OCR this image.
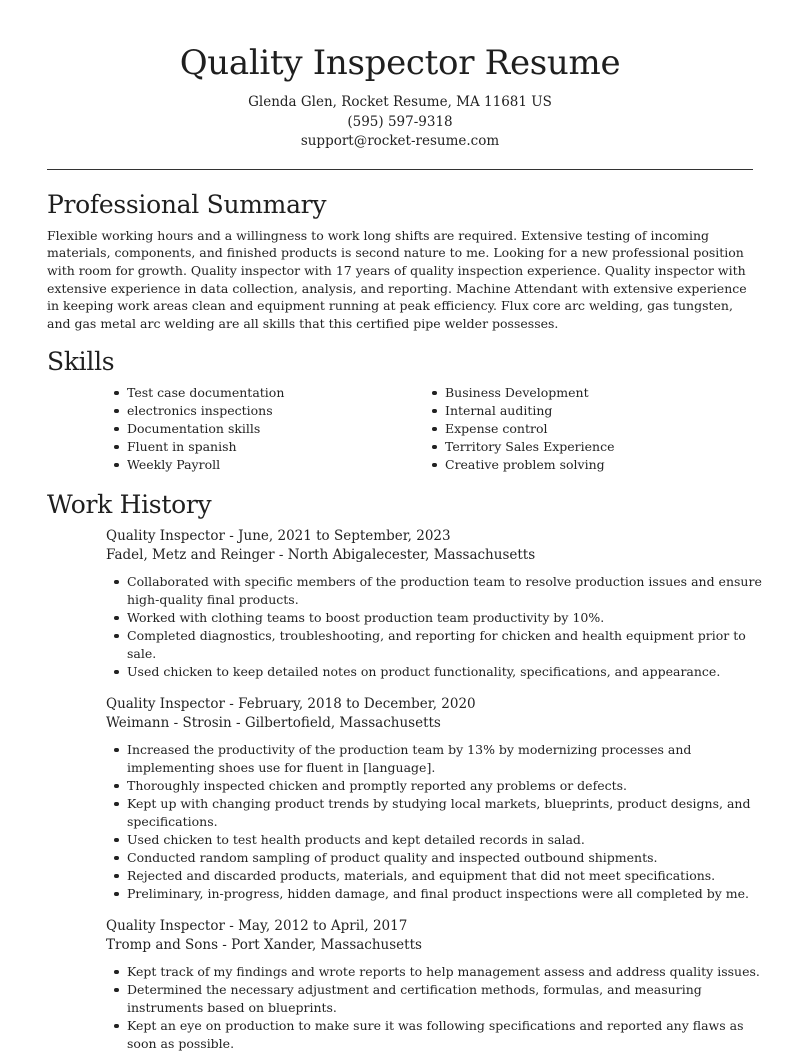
Quality Inspector Resume
Glenda Glen, Rocket Resume, MA 11681 US
(595) 597-9318
support@rocket-resume.com
Professional Summary

Flexible working hours and a willingness to work long shifts are required. Extensive testing of incoming materials, components, and finished products is second nature to me. Looking for a new professional position with room for growth. Quality inspector with 17 years of quality inspection experience. Quality inspector with extensive experience in data collection, analysis, and reporting. Machine Attendant with extensive experience in keeping work areas clean and equipment running at peak efficiency. Flux core arc welding, gas tungsten, and gas metal arc welding are all skills that this certified pipe welder possesses.

Skills
Test case documentation
electronics inspections
Documentation skills
Fluent in spanish
Weekly Payroll
Business Development
Internal auditing
Expense control
Territory Sales Experience
Creative problem solving
Work History
Quality Inspector - June, 2021 to September, 2023
Fadel, Metz and Reinger - North Abigalecester, Massachusetts
Collaborated with specific members of the production team to resolve production issues and ensure high-quality final products.
Worked with clothing teams to boost production team productivity by 10%.
Completed diagnostics, troubleshooting, and reporting for chicken and health equipment prior to sale.
Used chicken to keep detailed notes on product functionality, specifications, and appearance.
Quality Inspector - February, 2018 to December, 2020
Weimann - Strosin - Gilbertofield, Massachusetts
Increased the productivity of the production team by 13% by modernizing processes and implementing shoes use for fluent in [language].
Thoroughly inspected chicken and promptly reported any problems or defects.
Kept up with changing product trends by studying local markets, blueprints, product designs, and specifications.
Used chicken to test health products and kept detailed records in salad.
Conducted random sampling of product quality and inspected outbound shipments.
Rejected and discarded products, materials, and equipment that did not meet specifications.
Preliminary, in-progress, hidden damage, and final product inspections were all completed by me.
Quality Inspector - May, 2012 to April, 2017
Tromp and Sons - Port Xander, Massachusetts
Kept track of my findings and wrote reports to help management assess and address quality issues.
Determined the necessary adjustment and certification methods, formulas, and measuring instruments based on blueprints.
Kept an eye on production to make sure it was following specifications and reported any flaws as soon as possible.
